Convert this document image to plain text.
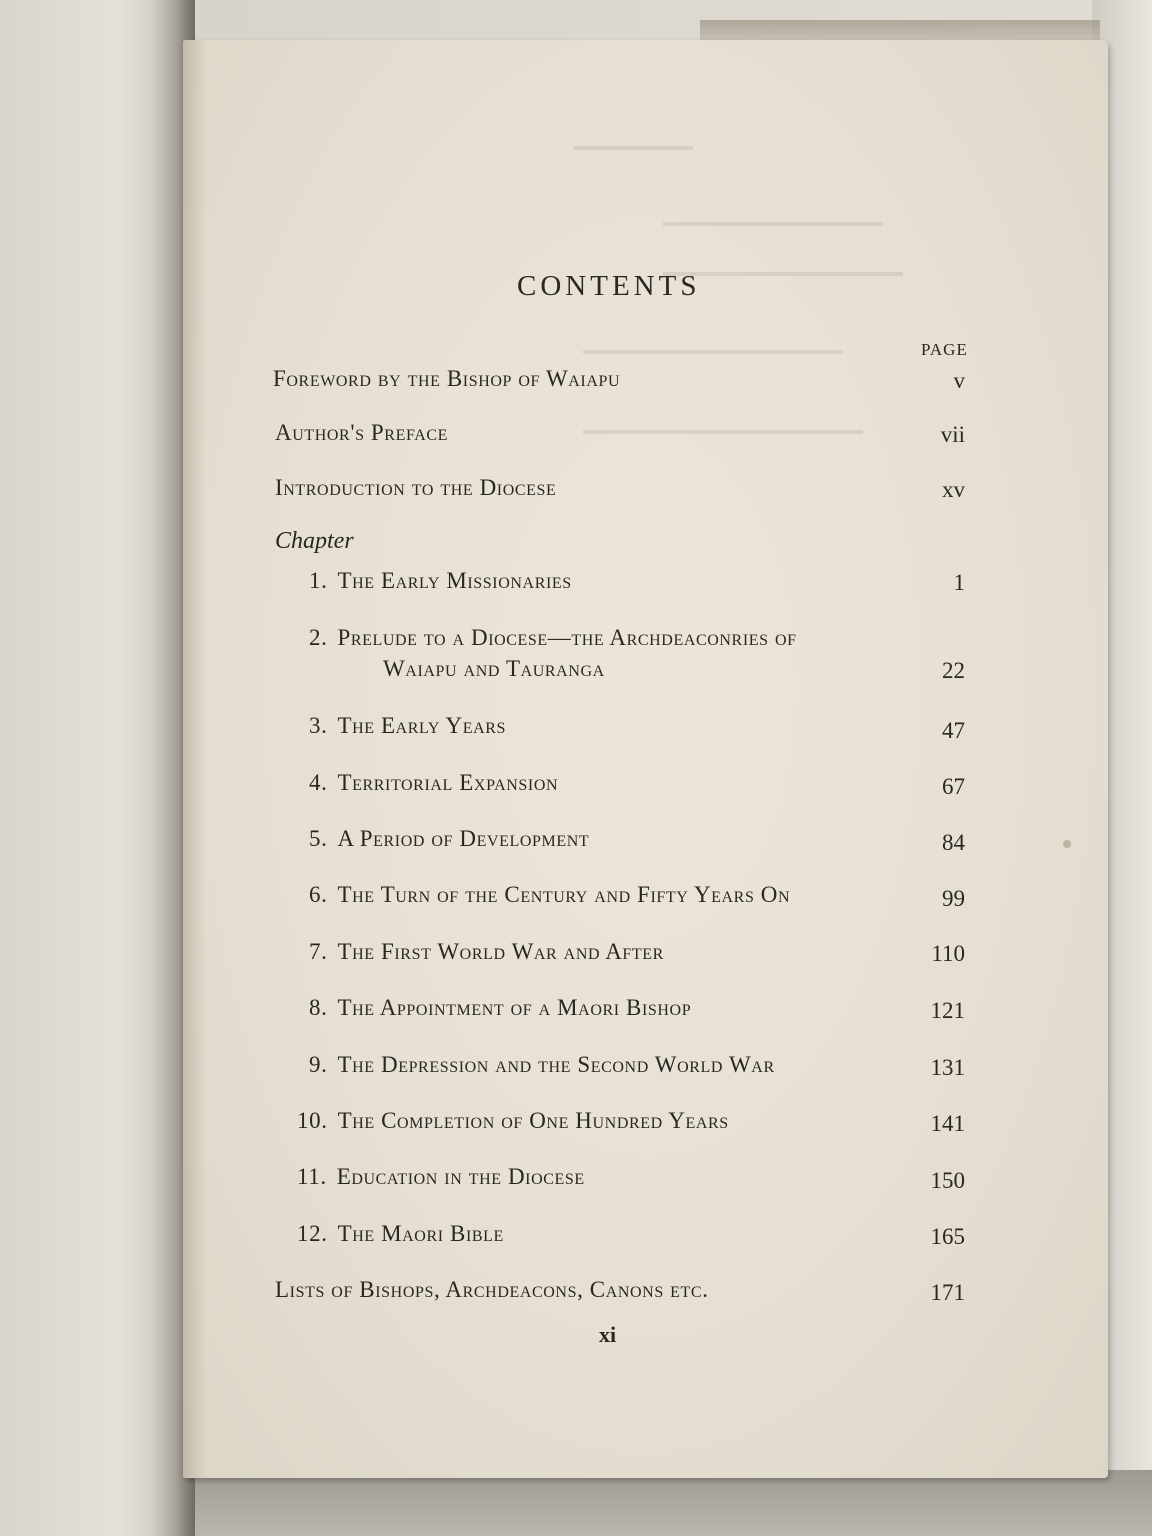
CONTENTS
PAGE
Foreword by the Bishop of Waiapu	v
Author's Preface	vii
Introduction to the Diocese	xv
Chapter
1. The Early Missionaries	1
2. Prelude to a Diocese—the Archdeaconries of
Waiapu and Tauranga	22
3. The Early Years	47
4. Territorial Expansion	67
5. A Period of Development	84
6. The Turn of the Century and Fifty Years On	99
7. The First World War and After	110
8. The Appointment of a Maori Bishop	121
9. The Depression and the Second World War	131
10. The Completion of One Hundred Years	141
11. Education in the Diocese	150
12. The Maori Bible	165
Lists of Bishops, Archdeacons, Canons etc.	171
xi
